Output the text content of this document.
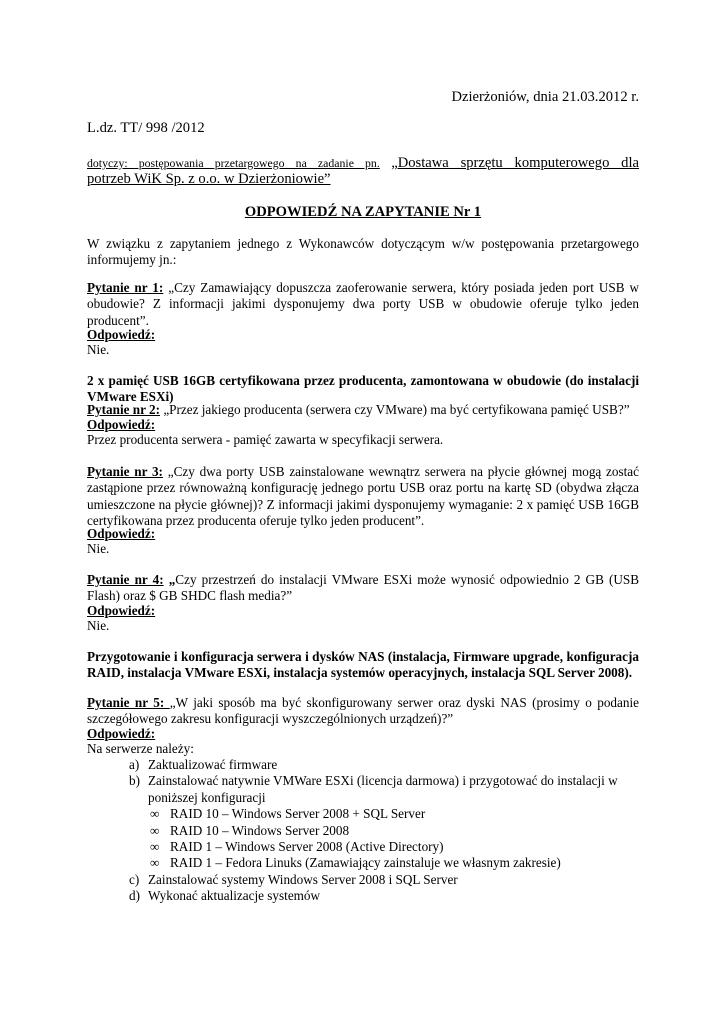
Dzierżoniów, dnia 21.03.2012 r.
L.dz. TT/ 998 /2012
dotyczy: postępowania przetargowego na zadanie pn. „Dostawa sprzętu komputerowego dla
potrzeb WiK Sp. z o.o. w Dzierżoniowie”
ODPOWIEDŹ NA ZAPYTANIE Nr 1
W związku z zapytaniem jednego z Wykonawców dotyczącym w/w postępowania przetargowego informujemy jn.:
Pytanie nr 1: „Czy Zamawiający dopuszcza zaoferowanie serwera, który posiada jeden port USB w obudowie? Z informacji jakimi dysponujemy dwa porty USB w obudowie oferuje tylko jeden producent”.
Odpowiedź:
Nie.
2 x pamięć USB 16GB certyfikowana przez producenta, zamontowana w obudowie (do instalacji VMware ESXi)
Pytanie nr 2: „Przez jakiego producenta (serwera czy VMware) ma być certyfikowana pamięć USB?”
Odpowiedź:
Przez producenta serwera - pamięć zawarta w specyfikacji serwera.
Pytanie nr 3: „Czy dwa porty USB zainstalowane wewnątrz serwera na płycie głównej mogą zostać zastąpione przez równoważną konfigurację jednego portu USB oraz portu na kartę SD (obydwa złącza umieszczone na płycie głównej)? Z informacji jakimi dysponujemy wymaganie: 2 x pamięć USB 16GB certyfikowana przez producenta oferuje tylko jeden producent”.
Odpowiedź:
Nie.
Pytanie nr 4: „Czy przestrzeń do instalacji VMware ESXi może wynosić odpowiednio 2 GB (USB Flash) oraz $ GB SHDC flash media?”
Odpowiedź:
Nie.
Przygotowanie i konfiguracja serwera i dysków NAS (instalacja, Firmware upgrade, konfiguracja RAID, instalacja VMware ESXi, instalacja systemów operacyjnych, instalacja SQL Server 2008).
Pytanie nr 5: „W jaki sposób ma być skonfigurowany serwer oraz dyski NAS (prosimy o podanie szczegółowego zakresu konfiguracji wyszczególnionych urządzeń)?”
Odpowiedź:
Na serwerze należy:
a) Zaktualizować firmware
b) Zainstalować natywnie VMWare ESXi (licencja darmowa) i przygotować do instalacji w poniższej konfiguracji
∞ RAID 10 – Windows Server 2008 + SQL Server
∞ RAID 10 – Windows Server 2008
∞ RAID 1 – Windows Server 2008 (Active Directory)
∞ RAID 1 – Fedora Linuks (Zamawiający zainstaluje we własnym zakresie)
c) Zainstalować systemy Windows Server 2008 i SQL Server
d) Wykonać aktualizacje systemów
